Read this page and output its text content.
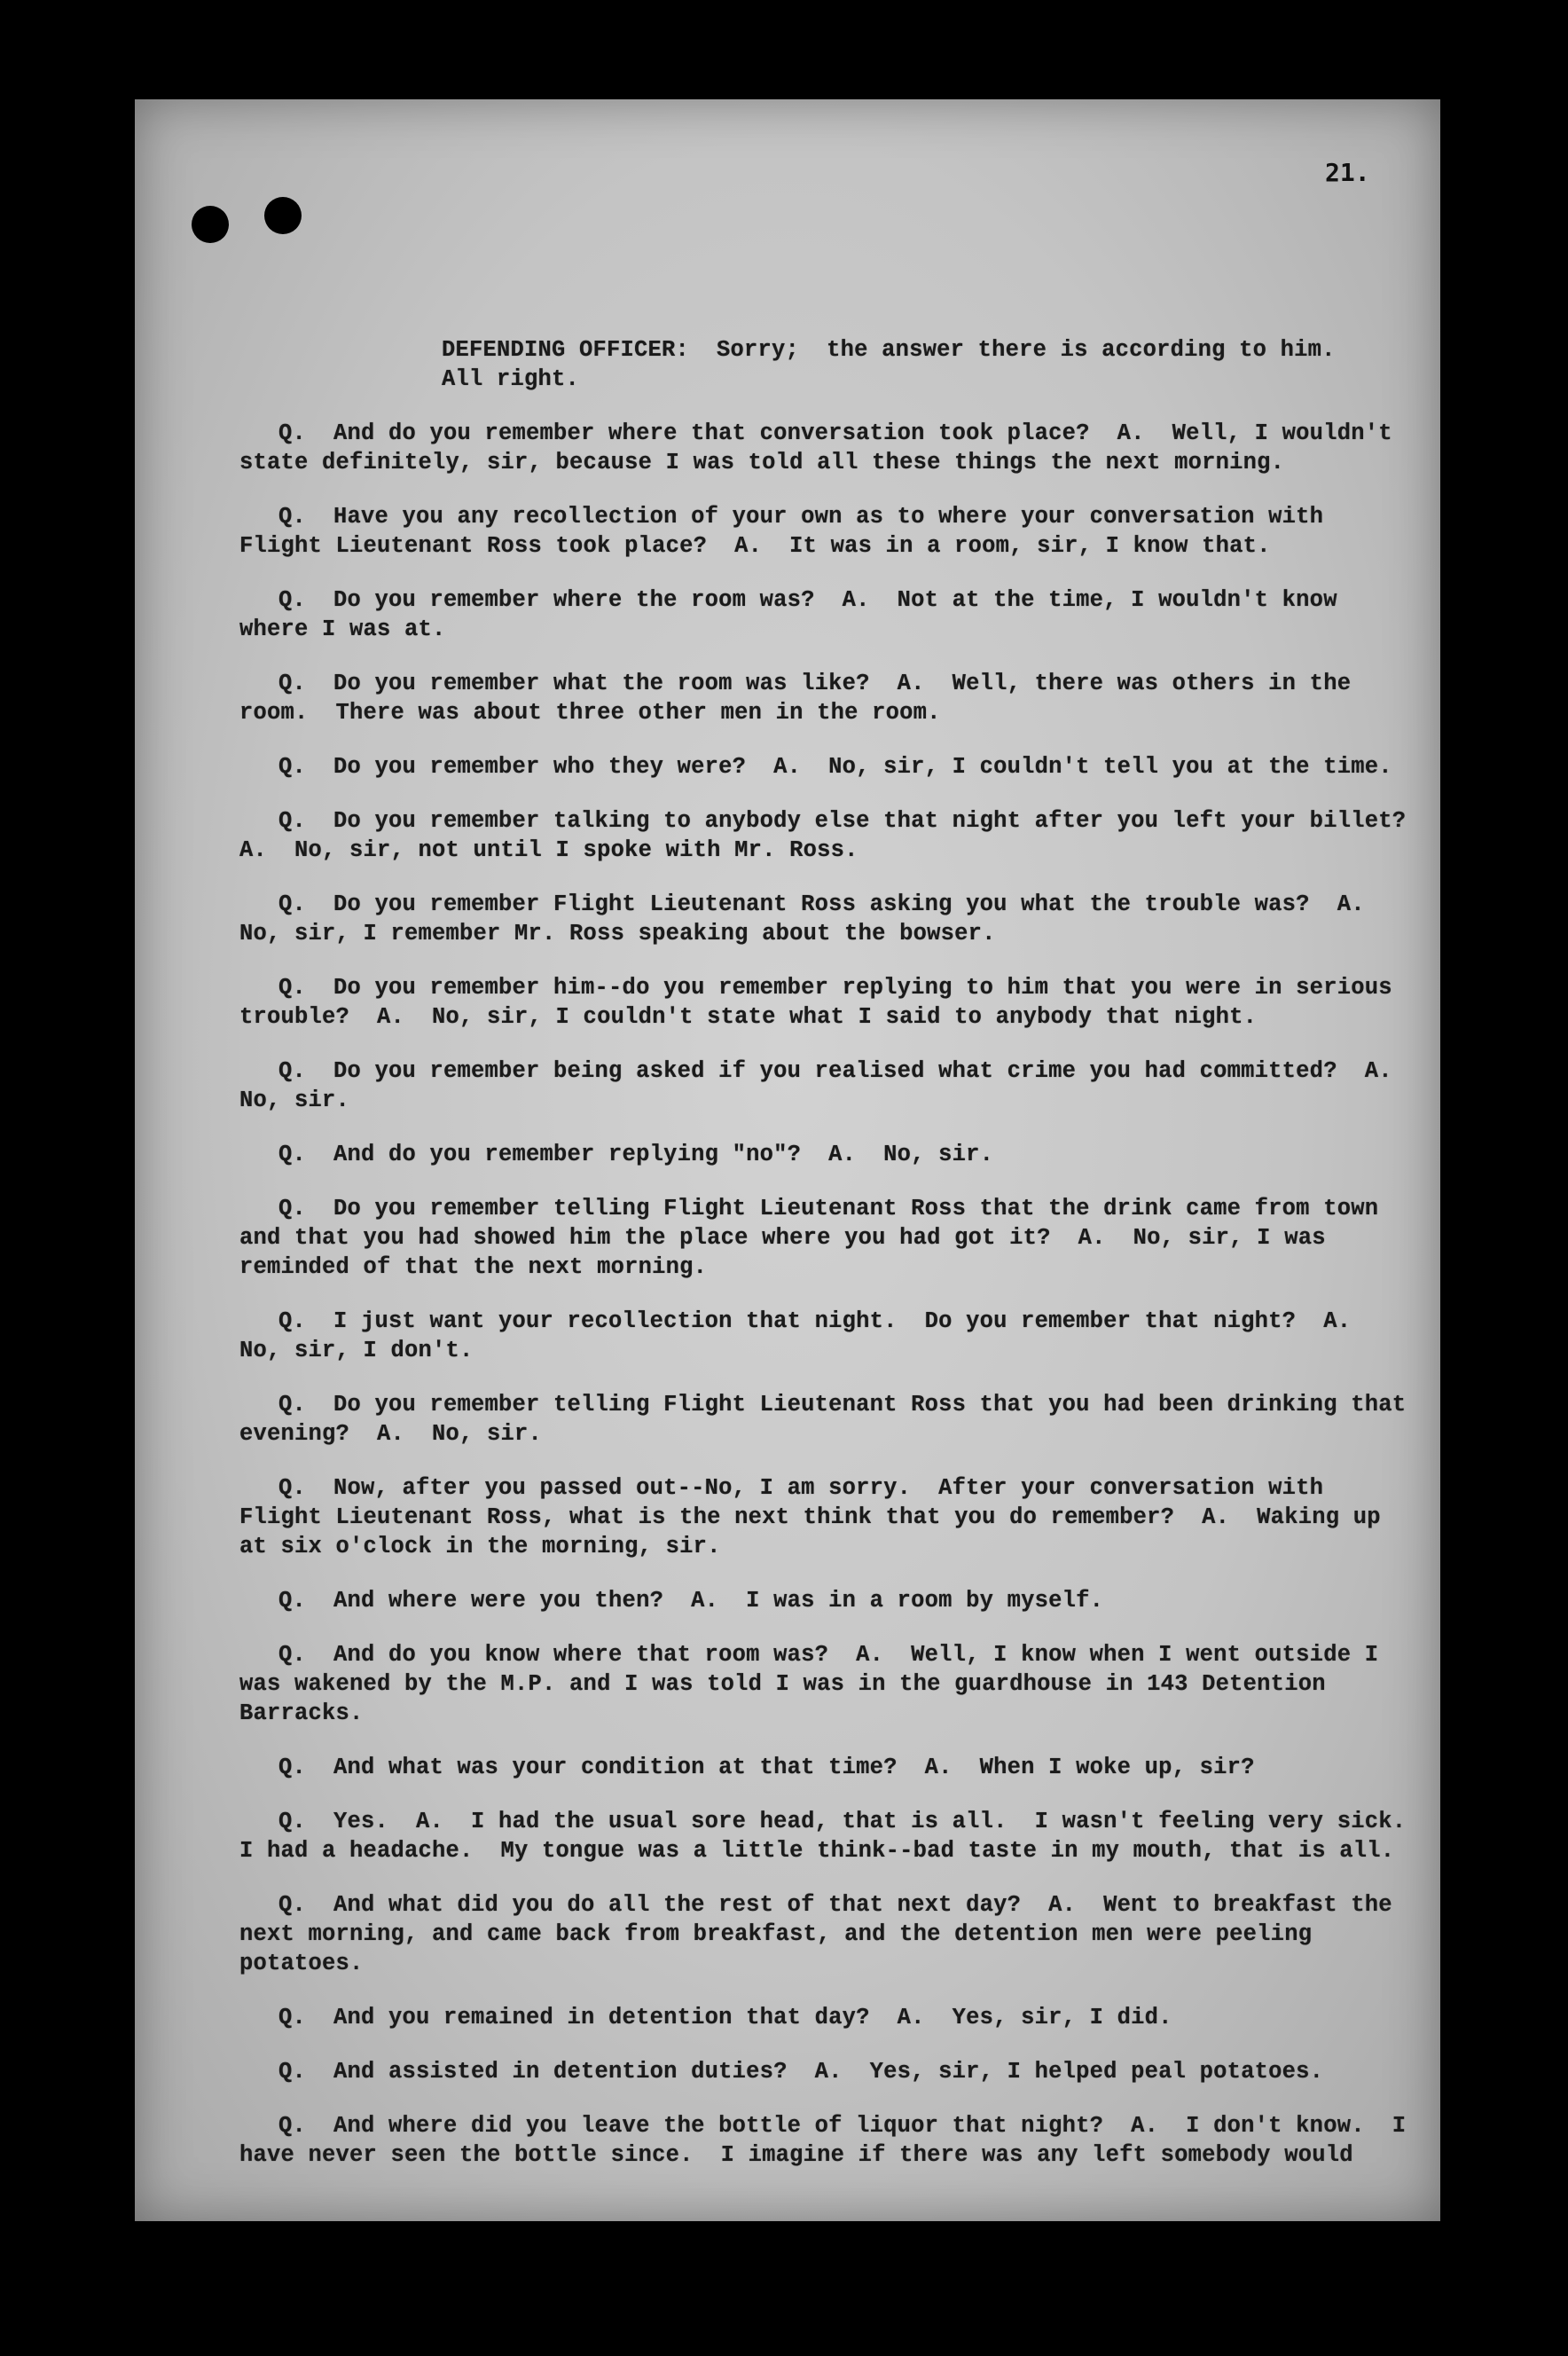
21.

DEFENDING OFFICER:  Sorry;  the answer there is according to him.
All right.

Q.  And do you remember where that conversation took place?  A.  Well, I wouldn't state definitely, sir, because I was told all these things the next morning.

Q.  Have you any recollection of your own as to where your conversation with Flight Lieutenant Ross took place?  A.  It was in a room, sir, I know that.

Q.  Do you remember where the room was?  A.  Not at the time, I wouldn't know where I was at.

Q.  Do you remember what the room was like?  A.  Well, there was others in the room.  There was about three other men in the room.

Q.  Do you remember who they were?  A.  No, sir, I couldn't tell you at the time.

Q.  Do you remember talking to anybody else that night after you left your billet?  A.  No, sir, not until I spoke with Mr. Ross.

Q.  Do you remember Flight Lieutenant Ross asking you what the trouble was?  A.  No, sir, I remember Mr. Ross speaking about the bowser.

Q.  Do you remember him--do you remember replying to him that you were in serious trouble?  A.  No, sir, I couldn't state what I said to anybody that night.

Q.  Do you remember being asked if you realised what crime you had committed?  A.  No, sir.

Q.  And do you remember replying "no"?  A.  No, sir.

Q.  Do you remember telling Flight Lieutenant Ross that the drink came from town and that you had showed him the place where you had got it?  A.  No, sir, I was reminded of that the next morning.

Q.  I just want your recollection that night.  Do you remember that night?  A.  No, sir, I don't.

Q.  Do you remember telling Flight Lieutenant Ross that you had been drinking that evening?  A.  No, sir.

Q.  Now, after you passed out--No, I am sorry.  After your conversation with Flight Lieutenant Ross, what is the next think that you do remember?  A.  Waking up at six o'clock in the morning, sir.

Q.  And where were you then?  A.  I was in a room by myself.

Q.  And do you know where that room was?  A.  Well, I know when I went outside I was wakened by the M.P. and I was told I was in the guardhouse in 143 Detention Barracks.

Q.  And what was your condition at that time?  A.  When I woke up, sir?

Q.  Yes.  A.  I had the usual sore head, that is all.  I wasn't feeling very sick.  I had a headache.  My tongue was a little think--bad taste in my mouth, that is all.

Q.  And what did you do all the rest of that next day?  A.  Went to breakfast the next morning, and came back from breakfast, and the detention men were peeling potatoes.

Q.  And you remained in detention that day?  A.  Yes, sir, I did.

Q.  And assisted in detention duties?  A.  Yes, sir, I helped peal potatoes.

Q.  And where did you leave the bottle of liquor that night?  A.  I don't know.  I have never seen the bottle since.  I imagine if there was any left somebody would
